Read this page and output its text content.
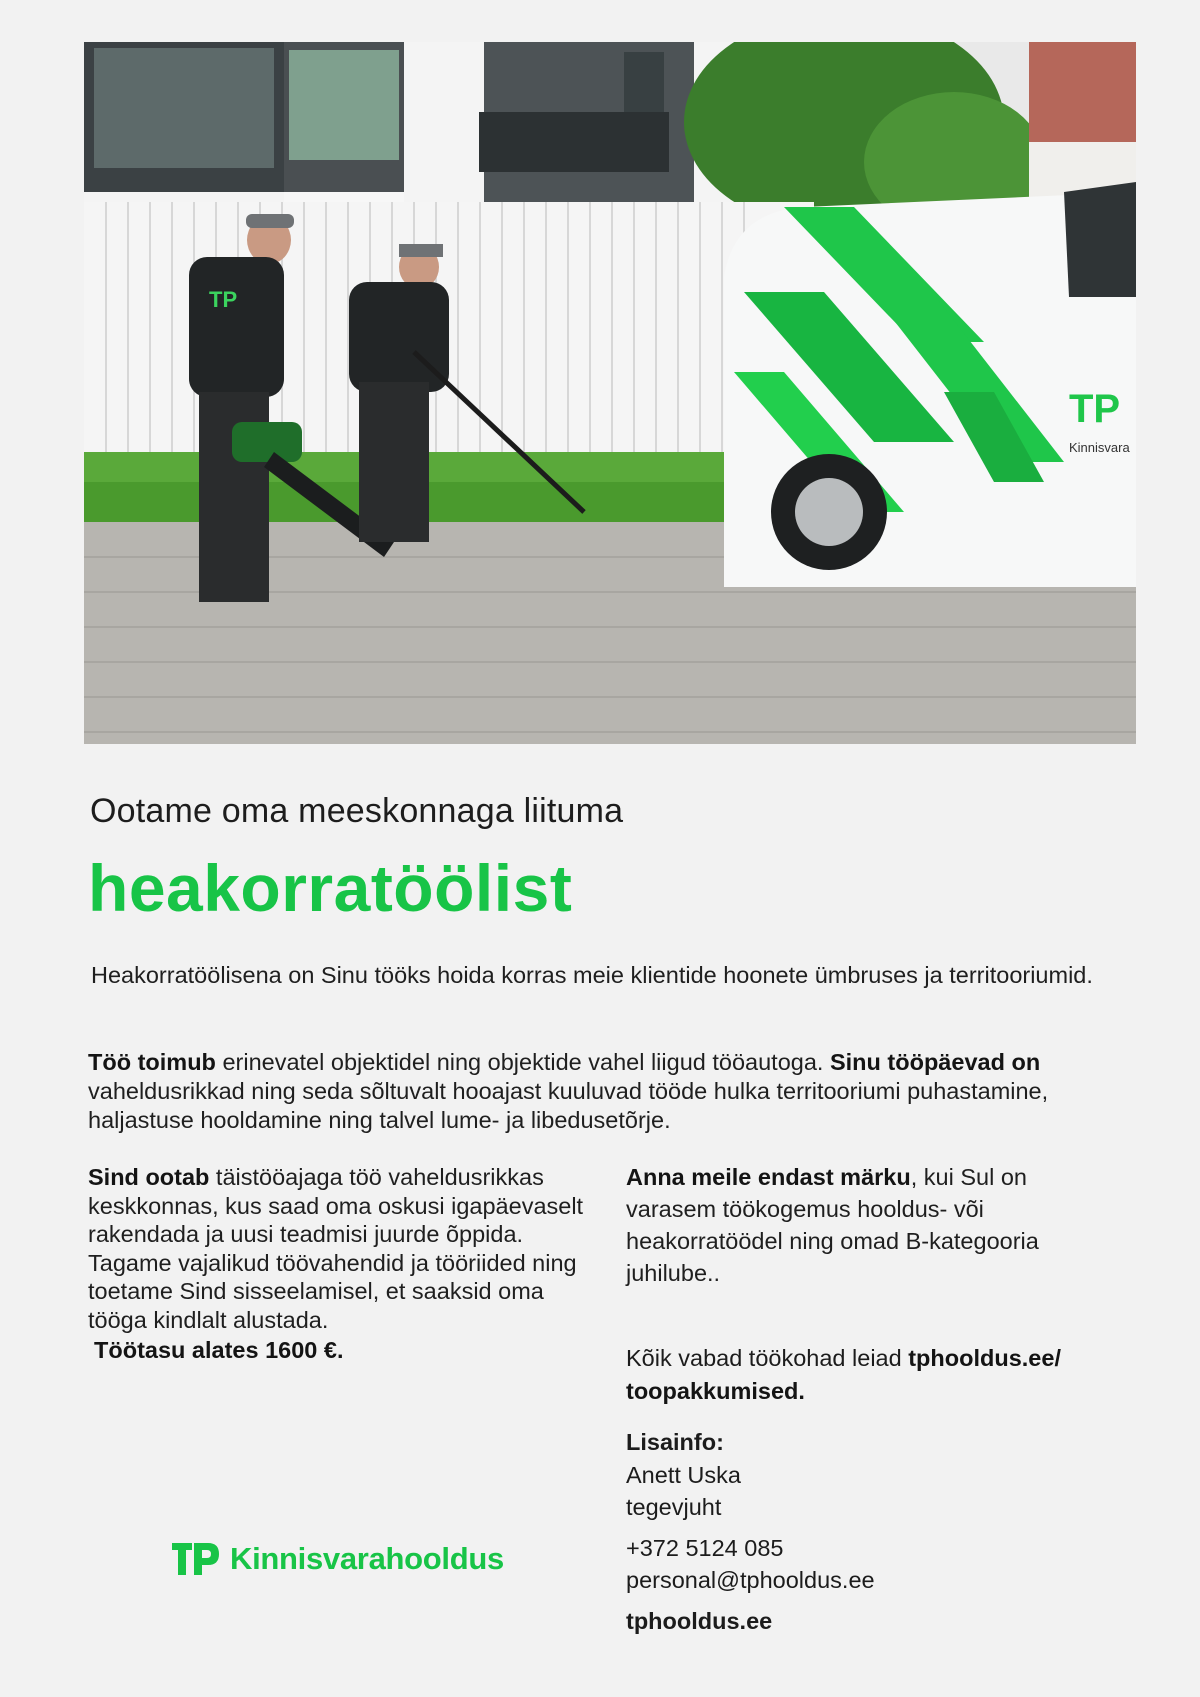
TP
TP
Kinnisvara
Ootame oma meeskonnaga liituma
heakorratöölist
Heakorratöölisena on Sinu tööks hoida korras meie klientide hoonete ümbruses ja territooriumid.
Töö toimub erinevatel objektidel ning objektide vahel liigud tööautoga. Sinu tööpäevad on vaheldusrikkad ning seda sõltuvalt hooajast kuuluvad tööde hulka territooriumi puhastamine, haljastuse hooldamine ning talvel lume- ja libedusetõrje.
Sind ootab täistööajaga töö vaheldusrikkas keskkonnas, kus saad oma oskusi igapäevaselt rakendada ja uusi teadmisi juurde õppida. Tagame vajalikud töövahendid ja tööriided ning toetame Sind sisseelamisel, et saaksid oma tööga kindlalt alustada.
Töötasu alates 1600 €.
Anna meile endast märku, kui Sul on varasem töökogemus hooldus- või heakorratöödel ning omad B-kategooria juhilube..
Kõik vabad töökohad leiad tphooldus.ee/ toopakkumised.
Lisainfo:
Anett Uska
tegevjuht
+372 5124 085
personal@tphooldus.ee
tphooldus.ee
Kinnisvarahooldus
